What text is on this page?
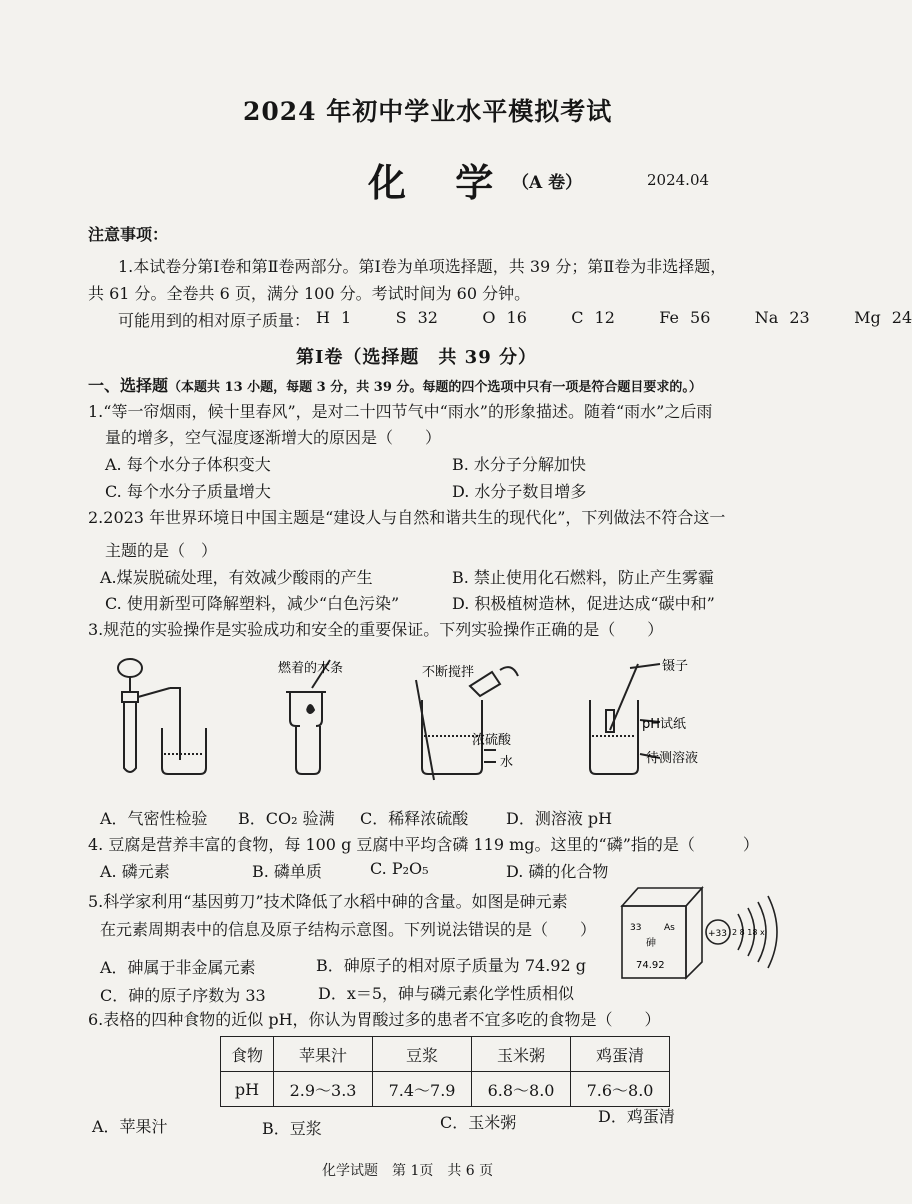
2024 年初中学业水平模拟考试
化 学 （A 卷）	2024.04
注意事项：
1.本试卷分第Ⅰ卷和第Ⅱ卷两部分。第Ⅰ卷为单项选择题，共 39 分；第Ⅱ卷为非选择题，
共 61 分。全卷共 6 页，满分 100 分。考试时间为 60 分钟。
可能用到的相对原子质量： H 1	S 32	O 16	C 12	Fe 56	Na 23	Mg 24
第Ⅰ卷（选择题　共 39 分）
一、选择题（本题共 13 小题，每题 3 分，共 39 分。每题的四个选项中只有一项是符合题目要求的。）
1.“等一帘烟雨，候十里春风”，是对二十四节气中“雨水”的形象描述。随着“雨水”之后雨
量的增多，空气湿度逐渐增大的原因是（　　）
A. 每个水分子体积变大	B. 水分子分解加快
C. 每个水分子质量增大	D. 水分子数目增多
2.2023 年世界环境日中国主题是“建设人与自然和谐共生的现代化”，下列做法不符合这一
主题的是（　）
A.煤炭脱硫处理，有效减少酸雨的产生	B. 禁止使用化石燃料，防止产生雾霾
C. 使用新型可降解塑料，减少“白色污染”	D. 积极植树造林，促进达成“碳中和”
3.规范的实验操作是实验成功和安全的重要保证。下列实验操作正确的是（　　）
燃着的木条	不断搅拌
浓硫酸
水
镊子
pH试纸
待测溶液
A．气密性检验 B．CO₂ 验满 C．稀释浓硫酸 D．测溶液 pH
4. 豆腐是营养丰富的食物，每 100 g 豆腐中平均含磷 119 mg。这里的“磷”指的是（　　　）
A. 磷元素	B. 磷单质	C. P₂O₅	D. 磷的化合物
5.科学家利用“基因剪刀”技术降低了水稻中砷的含量。如图是砷元素
在元素周期表中的信息及原子结构示意图。下列说法错误的是（　　）	33	As
砷
74.92
+33 2 8 18 x
A．砷属于非金属元素	B．砷原子的相对原子质量为 74.92 g
C．砷的原子序数为 33	D．x＝5，砷与磷元素化学性质相似
6.表格的四种食物的近似 pH，你认为胃酸过多的患者不宜多吃的食物是（　　）
食物	苹果汁	豆浆	玉米粥	鸡蛋清
pH	2.9～3.3	7.4～7.9	6.8～8.0	7.6～8.0
A．苹果汁	B．豆浆	C．玉米粥	D．鸡蛋清
化学试题　第 1页　共 6 页
